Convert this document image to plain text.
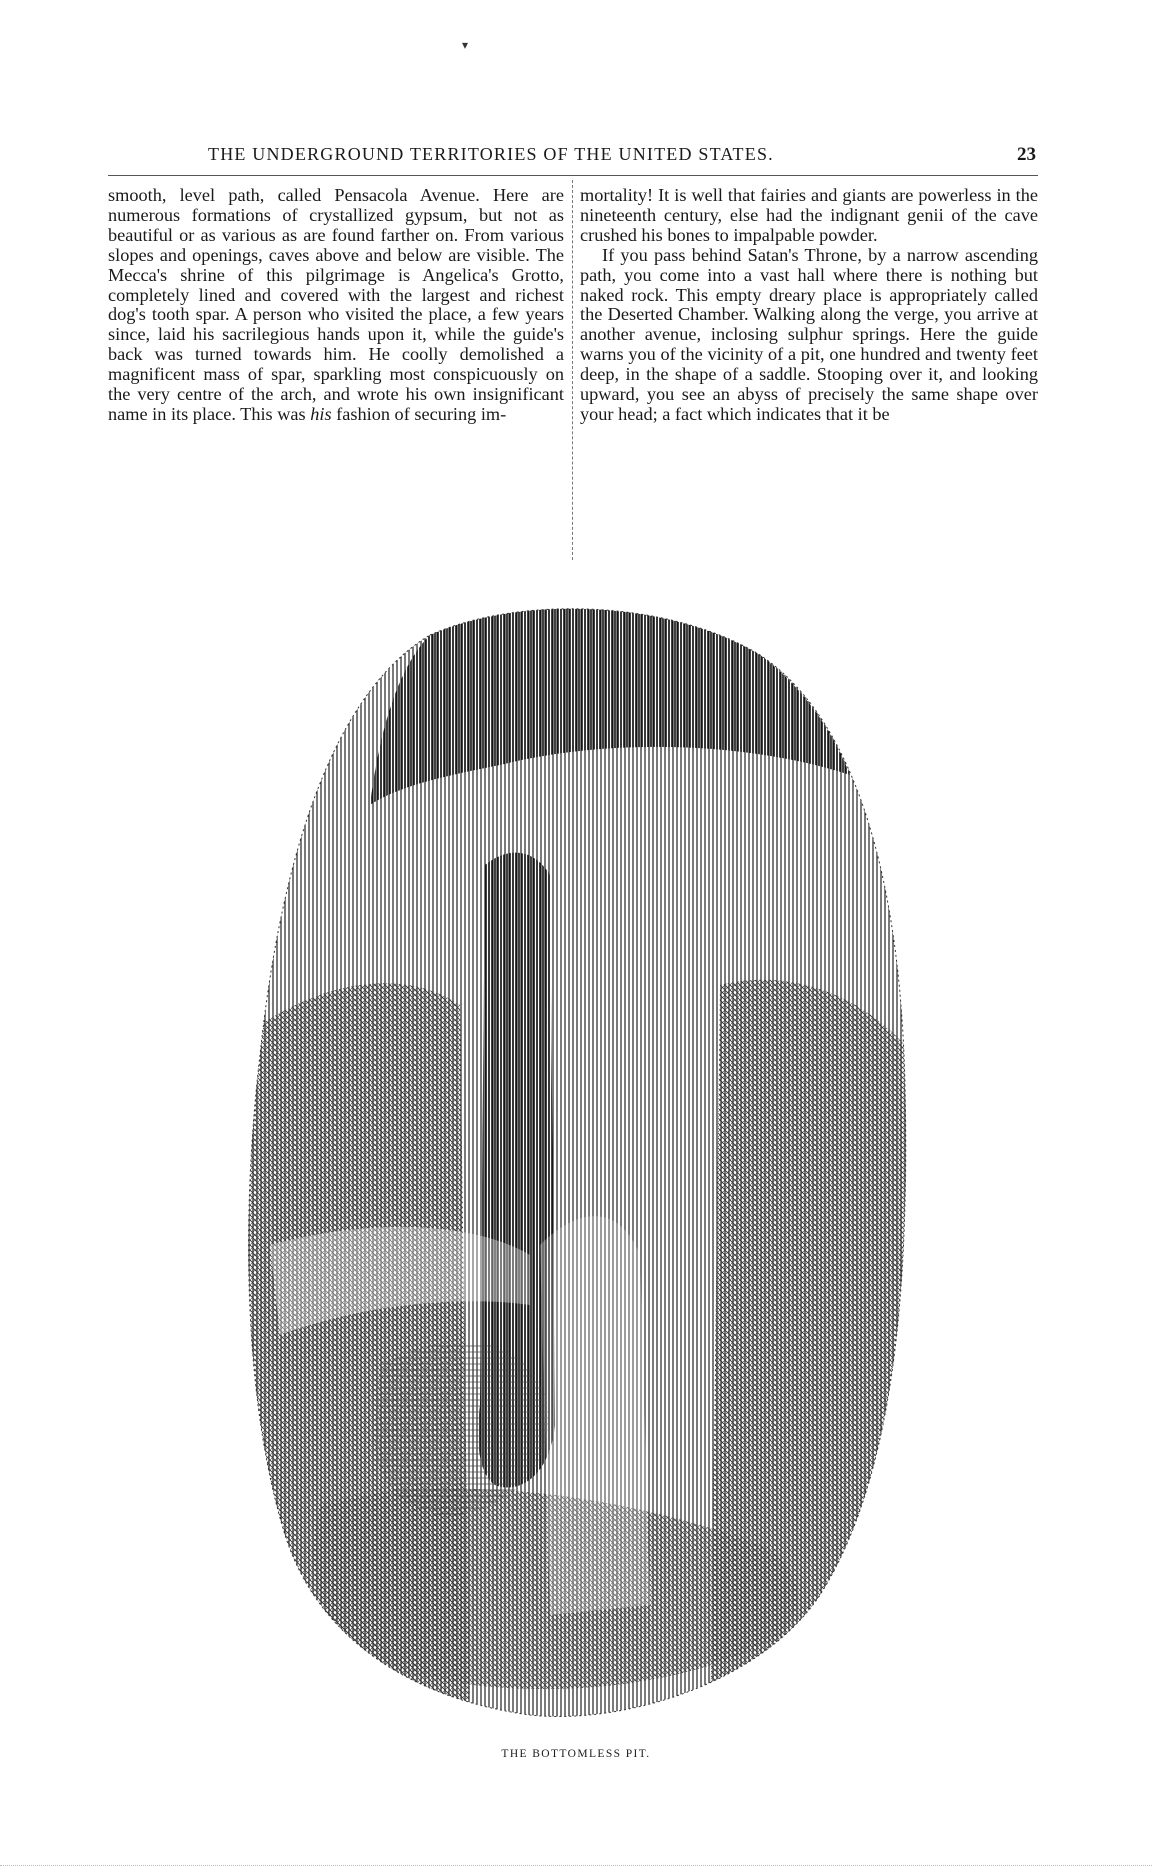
▾
THE UNDERGROUND TERRITORIES OF THE UNITED STATES.	23

smooth, level path, called Pensacola Avenue. Here are numerous formations of crystallized gypsum, but not as beautiful or as various as are found farther on. From various slopes and openings, caves above and below are visible. The Mecca's shrine of this pilgrimage is Angelica's Grotto, completely lined and covered with the largest and richest dog's tooth spar. A person who visited the place, a few years since, laid his sacrilegious hands upon it, while the guide's back was turned towards him. He coolly demolished a magnificent mass of spar, sparkling most conspicuously on the very centre of the arch, and wrote his own insignificant name in its place. This was his fashion of securing im-

mortality! It is well that fairies and giants are powerless in the nineteenth century, else had the indignant genii of the cave crushed his bones to impalpable powder.

If you pass behind Satan's Throne, by a narrow ascending path, you come into a vast hall where there is nothing but naked rock. This empty dreary place is appropriately called the Deserted Chamber. Walking along the verge, you arrive at another avenue, inclosing sulphur springs. Here the guide warns you of the vicinity of a pit, one hundred and twenty feet deep, in the shape of a saddle. Stooping over it, and looking upward, you see an abyss of precisely the same shape over your head; a fact which indicates that it be

THE BOTTOMLESS PIT.
